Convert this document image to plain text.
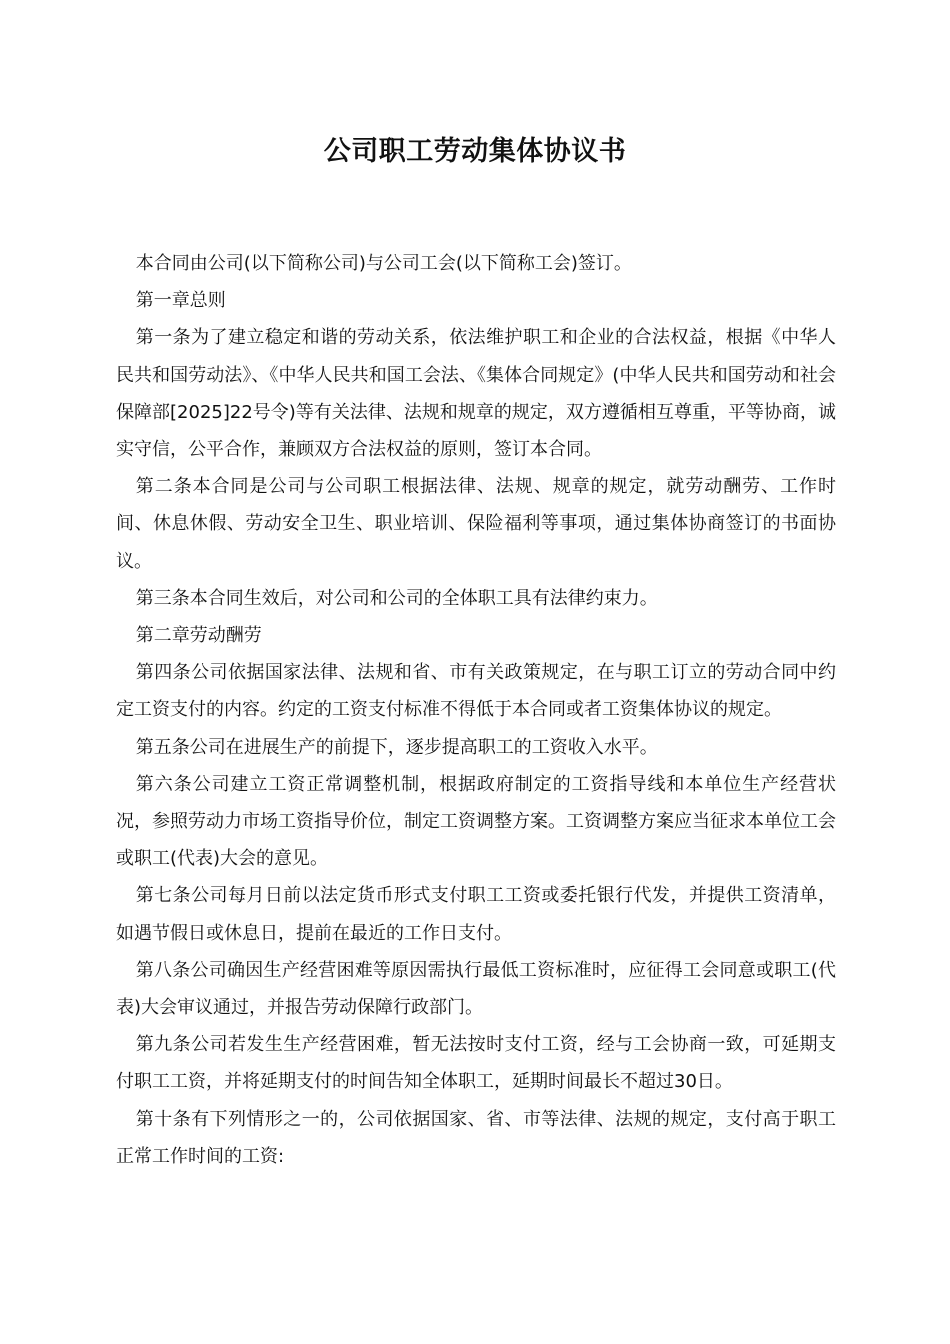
公司职工劳动集体协议书

本合同由公司(以下简称公司)与公司工会(以下简称工会)签订。

第一章总则

第一条为了建立稳定和谐的劳动关系，依法维护职工和企业的合法权益，根据《中华人民共和国劳动法》、《中华人民共和国工会法、《集体合同规定》(中华人民共和国劳动和社会保障部[2025]22号令)等有关法律、法规和规章的规定，双方遵循相互尊重，平等协商，诚实守信，公平合作，兼顾双方合法权益的原则，签订本合同。

第二条本合同是公司与公司职工根据法律、法规、规章的规定，就劳动酬劳、工作时间、休息休假、劳动安全卫生、职业培训、保险福利等事项，通过集体协商签订的书面协议。

第三条本合同生效后，对公司和公司的全体职工具有法律约束力。

第二章劳动酬劳

第四条公司依据国家法律、法规和省、市有关政策规定，在与职工订立的劳动合同中约定工资支付的内容。约定的工资支付标准不得低于本合同或者工资集体协议的规定。

第五条公司在进展生产的前提下，逐步提高职工的工资收入水平。

第六条公司建立工资正常调整机制，根据政府制定的工资指导线和本单位生产经营状况，参照劳动力市场工资指导价位，制定工资调整方案。工资调整方案应当征求本单位工会或职工(代表)大会的意见。

第七条公司每月日前以法定货币形式支付职工工资或委托银行代发，并提供工资清单，如遇节假日或休息日，提前在最近的工作日支付。

第八条公司确因生产经营困难等原因需执行最低工资标准时，应征得工会同意或职工(代表)大会审议通过，并报告劳动保障行政部门。

第九条公司若发生生产经营困难，暂无法按时支付工资，经与工会协商一致，可延期支付职工工资，并将延期支付的时间告知全体职工，延期时间最长不超过30日。

第十条有下列情形之一的，公司依据国家、省、市等法律、法规的规定，支付高于职工正常工作时间的工资:
